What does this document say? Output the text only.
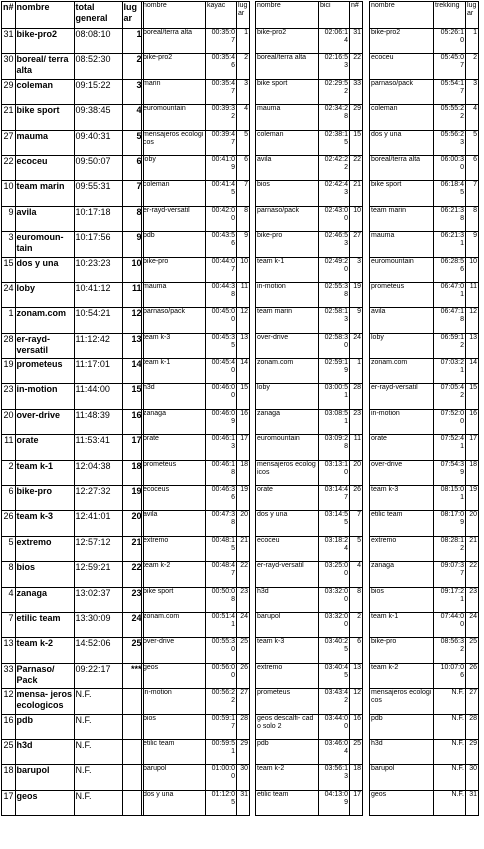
n#	nombre	total general	lug ar
31	bike-pro2	08:08:10	1
30	boreal/ terra alta	08:52:30	2
29	coleman	09:15:22	3
21	bike sport	09:38:45	4
27	mauma	09:40:31	5
22	ecoceu	09:50:07	6
10	team marin	09:55:31	7
9	avila	10:17:18	8
3	euromoun- tain	10:17:56	9
15	dos y una	10:23:23	10
24	loby	10:41:12	11
1	zonam.com	10:54:21	12
28	er-rayd- versatil	11:12:42	13
19	prometeus	11:17:01	14
23	in-motion	11:44:00	15
20	over-drive	11:48:39	16
11	orate	11:53:41	17
2	team k-1	12:04:38	18
6	bike-pro	12:27:32	19
26	team k-3	12:41:01	20
5	extremo	12:57:12	21
8	bios	12:59:21	22
4	zanaga	13:02:37	23
7	etilic team	13:30:09	24
13	team k-2	14:52:06	25
33	Parnaso/ Pack	09:22:17	***
12	mensa- jeros ecologicos	N.F.	
16	pdb	N.F.	
25	h3d	N.F.	
18	barupol	N.F.	
17	geos	N.F.	
nombre	kayac	lug ar
boreal/terra alta	00:35:0 7	1
bike-pro2	00:35:4 6	2
marin	00:35:4 7	3
euromountain	00:39:3 2	4
mensajeros ecologicos	00:39:4 7	5
loby	00:41:0 9	6
coleman	00:41:4 5	7
er-rayd-versatil	00:42:0 0	8
pdb	00:43:5 6	9
bike-pro	00:44:0 7	10
mauma	00:44:3 8	11
parnaso/pack	00:45:0 0	12
team k-3	00:45:3 5	13
team k-1	00:45:4 0	14
h3d	00:46:0 0	15
zanaga	00:46:0 9	16
orate	00:46:1 3	17
prometeus	00:46:1 8	18
ecoceus	00:46:3 6	19
avila	00:47:3 8	20
extremo	00:48:1 5	21
team k-2	00:48:4 7	22
bike sport	00:50:0 8	23
zonam.com	00:51:4 1	24
over-drive	00:55:3 0	25
geos	00:56:0 0	26
in-motion	00:56:2 2	27
bios	00:59:1 7	28
etilic team	00:59:5 1	29
barupol	01:00:0 0	30
dos y una	01:12:0 5	31
nombre	bici	n#
bike-pro2	02:06:1 4	31
boreal/terra alta	02:16:5 3	22
bike sport	02:29:5 2	33
mauma	02:34:2 8	29
coleman	02:38:1 5	15
avila	02:42:2 2	22
bios	02:42:4 3	21
parnaso/pack	02:43:0 0	10
bike-pro	02:46:5 3	27
team k-1	02:49:2 0	3
in-motion	02:55:3 8	19
team marin	02:58:1 3	9
over-drive	02:58:3 0	24
zonam.com	02:59:1 9	1
loby	03:00:5 1	28
zanaga	03:08:5 1	23
euromountain	03:09:2 8	11
mensajeros ecologicos	03:13:1 0	20
orate	03:14:4 7	26
dos y una	03:14:5 5	7
ecoceu	03:18:2 4	5
er-rayd-versatil	03:25:0 0	4
h3d	03:32:0 0	8
barupol	03:32:0 0	2
team k-3	03:40:2 5	6
extremo	03:40:4 5	13
prometeus	03:43:4 2	12
geos descalfi- cado solo 2	03:44:0 0	16
pdb	03:46:0 4	25
team k-2	03:56:1 3	18
etilic team	04:13:0 9	17
nombre	trekking	lug ar
bike-pro2	05:26:1 0	1
ecoceu	05:45:0 7	2
parnaso/pack	05:54:1 7	3
coleman	05:55:2 2	4
dos y una	05:56:2 3	5
boreal/terra alta	06:00:3 0	6
bike sport	06:18:4 5	7
team marin	06:21:3 8	8
mauma	06:21:3 1	9
euromountain	06:28:5 6	10
prometeus	06:47:0 1	11
avila	06:47:1 8	12
loby	06:59:1 2	13
zonam.com	07:03:2 1	14
er-rayd-versatil	07:05:4 2	15
in-motion	07:52:0 0	16
orate	07:52:4 1	17
over-drive	07:54:3 9	18
team k-3	08:15:0 1	19
etilic team	08:17:0 9	20
extremo	08:28:1 2	21
zanaga	09:07:3 7	22
bios	09:17:2 1	23
team k-1	07:44:0 0	24
bike-pro	08:56:3 2	25
team k-2	10:07:0 6	26
mensajeros ecologicos	N.F.	27
pdb	N.F.	28
h3d	N.F.	29
barupol	N.F.	30
geos	N.F.	31
